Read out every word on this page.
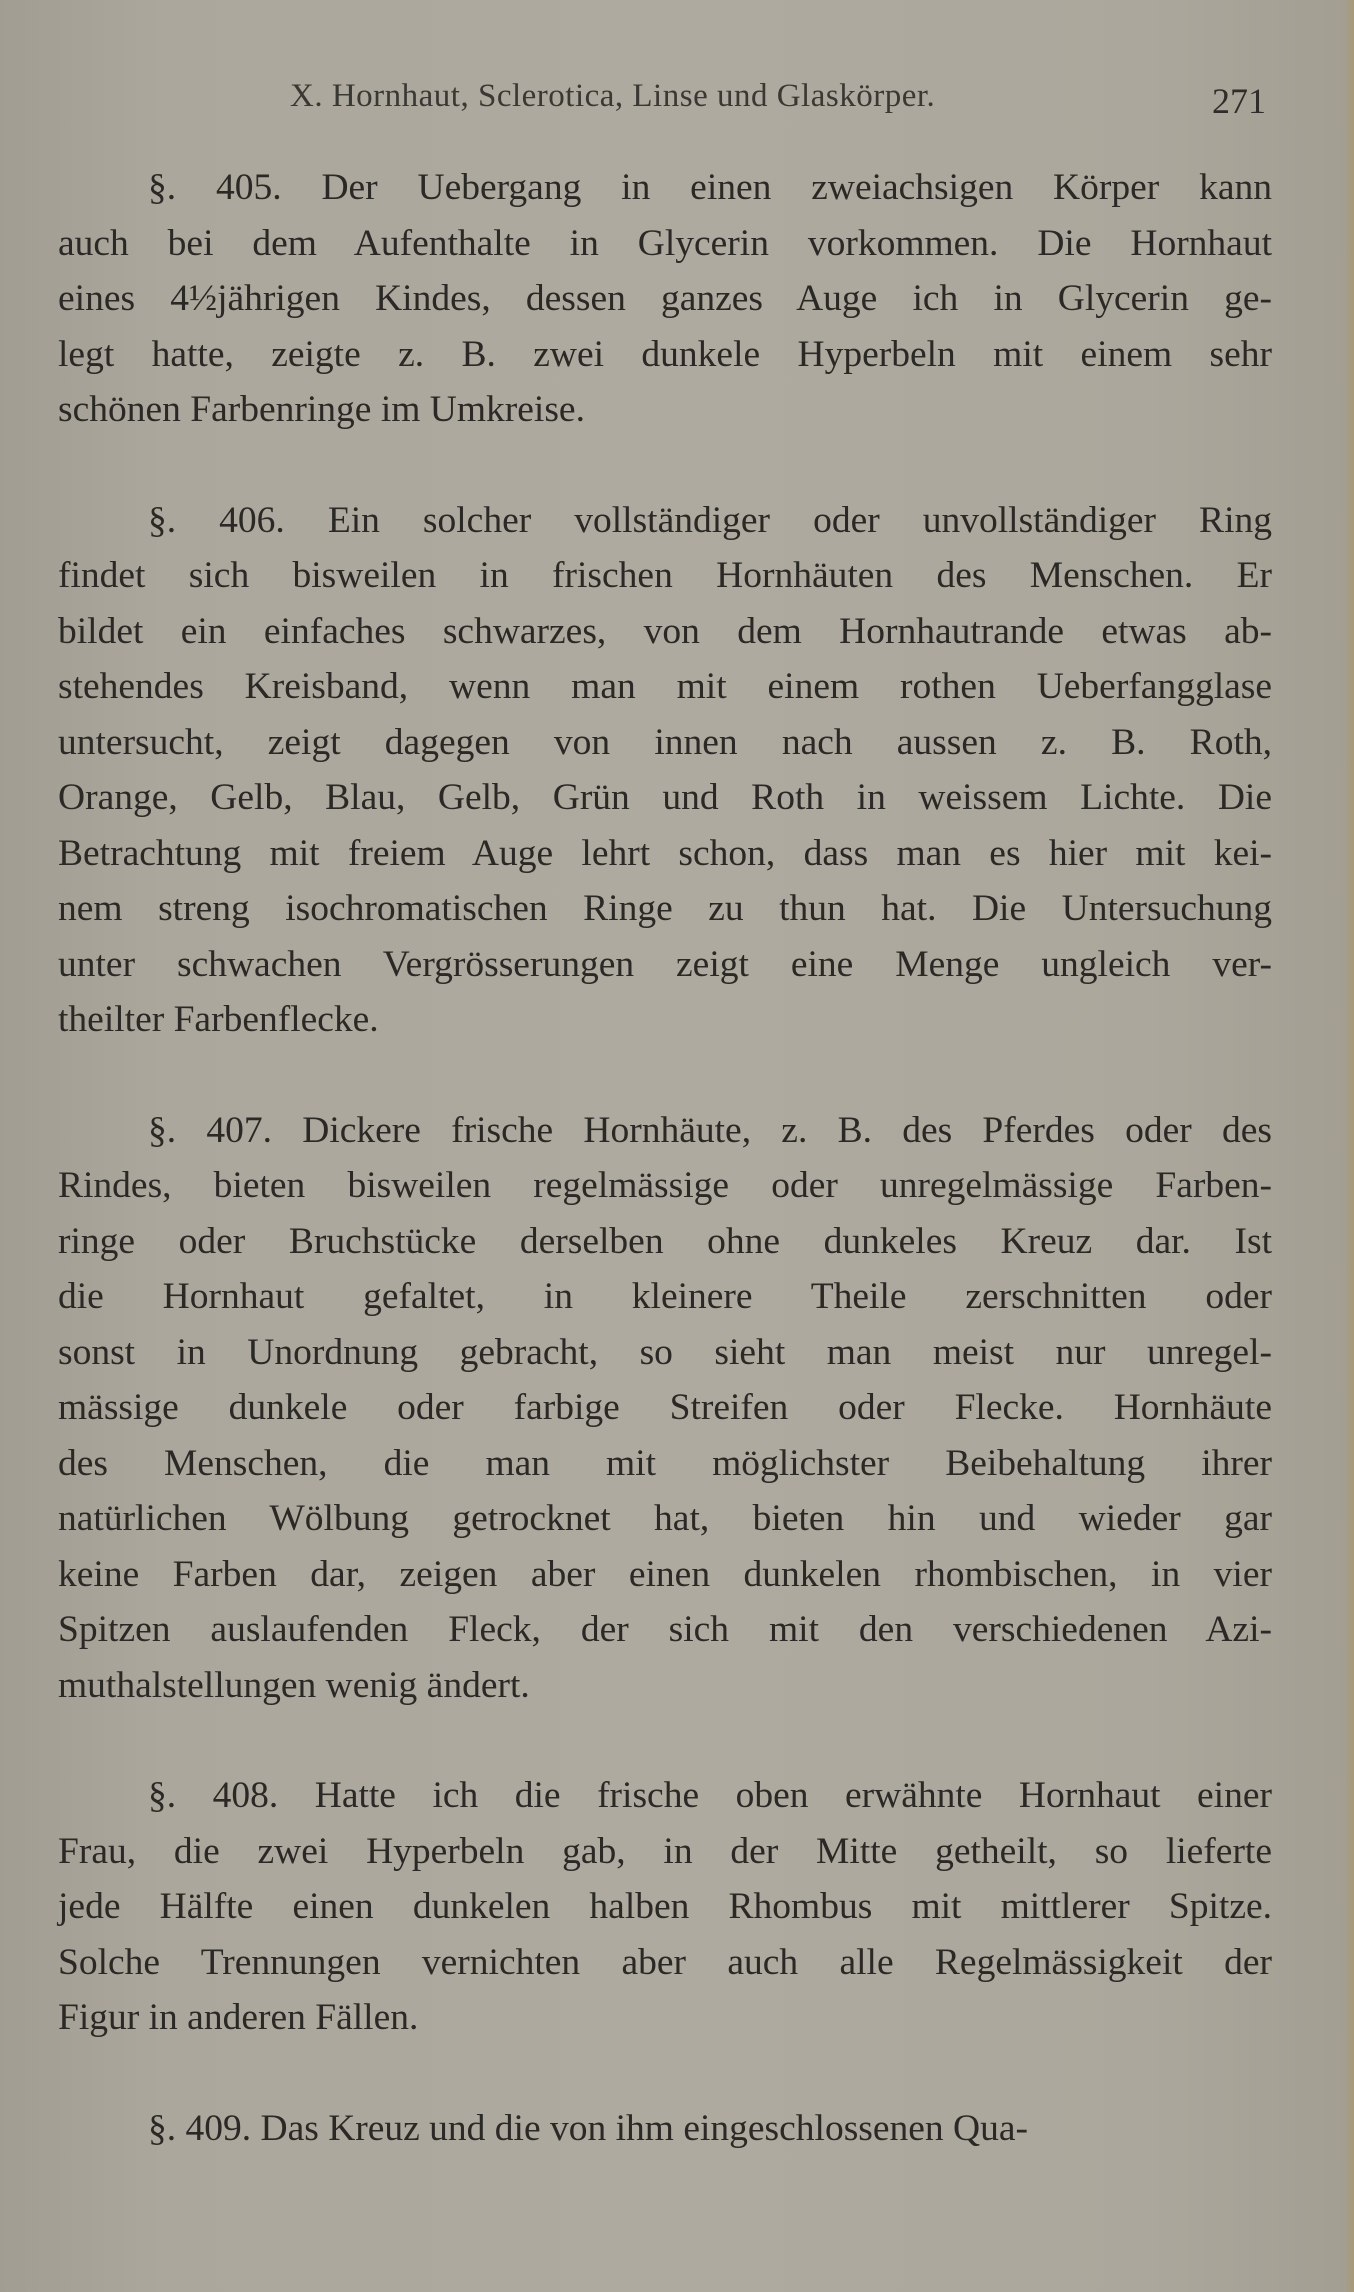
X. Hornhaut, Sclerotica, Linse und Glaskörper.	271
§. 405. Der Uebergang in einen zweiachsigen Körper kann
auch bei dem Aufenthalte in Glycerin vorkommen. Die Hornhaut
eines 4½jährigen Kindes, dessen ganzes Auge ich in Glycerin ge-
legt hatte, zeigte z. B. zwei dunkele Hyperbeln mit einem sehr
schönen Farbenringe im Umkreise.
§. 406. Ein solcher vollständiger oder unvollständiger Ring
findet sich bisweilen in frischen Hornhäuten des Menschen. Er
bildet ein einfaches schwarzes, von dem Hornhautrande etwas ab-
stehendes Kreisband, wenn man mit einem rothen Ueberfangglase
untersucht, zeigt dagegen von innen nach aussen z. B. Roth,
Orange, Gelb, Blau, Gelb, Grün und Roth in weissem Lichte. Die
Betrachtung mit freiem Auge lehrt schon, dass man es hier mit kei-
nem streng isochromatischen Ringe zu thun hat. Die Untersuchung
unter schwachen Vergrösserungen zeigt eine Menge ungleich ver-
theilter Farbenflecke.
§. 407. Dickere frische Hornhäute, z. B. des Pferdes oder des
Rindes, bieten bisweilen regelmässige oder unregelmässige Farben-
ringe oder Bruchstücke derselben ohne dunkeles Kreuz dar. Ist
die Hornhaut gefaltet, in kleinere Theile zerschnitten oder
sonst in Unordnung gebracht, so sieht man meist nur unregel-
mässige dunkele oder farbige Streifen oder Flecke. Hornhäute
des Menschen, die man mit möglichster Beibehaltung ihrer
natürlichen Wölbung getrocknet hat, bieten hin und wieder gar
keine Farben dar, zeigen aber einen dunkelen rhombischen, in vier
Spitzen auslaufenden Fleck, der sich mit den verschiedenen Azi-
muthalstellungen wenig ändert.
§. 408. Hatte ich die frische oben erwähnte Hornhaut einer
Frau, die zwei Hyperbeln gab, in der Mitte getheilt, so lieferte
jede Hälfte einen dunkelen halben Rhombus mit mittlerer Spitze.
Solche Trennungen vernichten aber auch alle Regelmässigkeit der
Figur in anderen Fällen.
§. 409. Das Kreuz und die von ihm eingeschlossenen Qua-
